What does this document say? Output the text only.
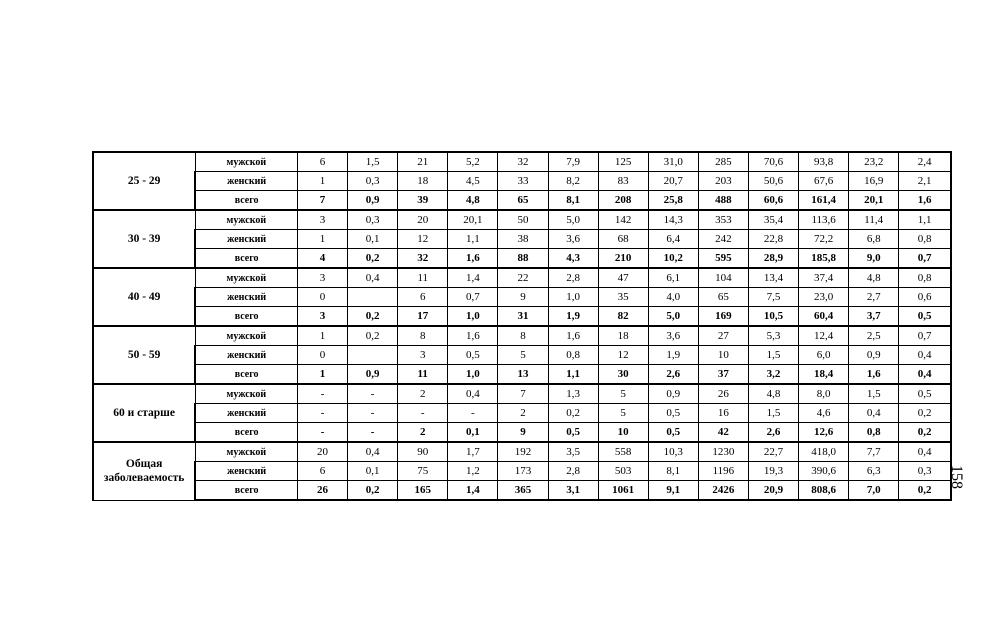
25 - 29	мужской	6	1,5	21	5,2	32	7,9	125	31,0	285	70,6	93,8	23,2	2,4
	женский	1	0,3	18	4,5	33	8,2	83	20,7	203	50,6	67,6	16,9	2,1
	всего	7	0,9	39	4,8	65	8,1	208	25,8	488	60,6	161,4	20,1	1,6
30 - 39	мужской	3	0,3	20	20,1	50	5,0	142	14,3	353	35,4	113,6	11,4	1,1
	женский	1	0,1	12	1,1	38	3,6	68	6,4	242	22,8	72,2	6,8	0,8
	всего	4	0,2	32	1,6	88	4,3	210	10,2	595	28,9	185,8	9,0	0,7
40 - 49	мужской	3	0,4	11	1,4	22	2,8	47	6,1	104	13,4	37,4	4,8	0,8
	женский	0		6	0,7	9	1,0	35	4,0	65	7,5	23,0	2,7	0,6
	всего	3	0,2	17	1,0	31	1,9	82	5,0	169	10,5	60,4	3,7	0,5
50 - 59	мужской	1	0,2	8	1,6	8	1,6	18	3,6	27	5,3	12,4	2,5	0,7
	женский	0		3	0,5	5	0,8	12	1,9	10	1,5	6,0	0,9	0,4
	всего	1	0,9	11	1,0	13	1,1	30	2,6	37	3,2	18,4	1,6	0,4
60 и старше	мужской	-	-	2	0,4	7	1,3	5	0,9	26	4,8	8,0	1,5	0,5
	женский	-	-	-	-	2	0,2	5	0,5	16	1,5	4,6	0,4	0,2
	всего	-	-	2	0,1	9	0,5	10	0,5	42	2,6	12,6	0,8	0,2
Общая заболеваемость	мужской	20	0,4	90	1,7	192	3,5	558	10,3	1230	22,7	418,0	7,7	0,4
	женский	6	0,1	75	1,2	173	2,8	503	8,1	1196	19,3	390,6	6,3	0,3
	всего	26	0,2	165	1,4	365	3,1	1061	9,1	2426	20,9	808,6	7,0	0,2
158
